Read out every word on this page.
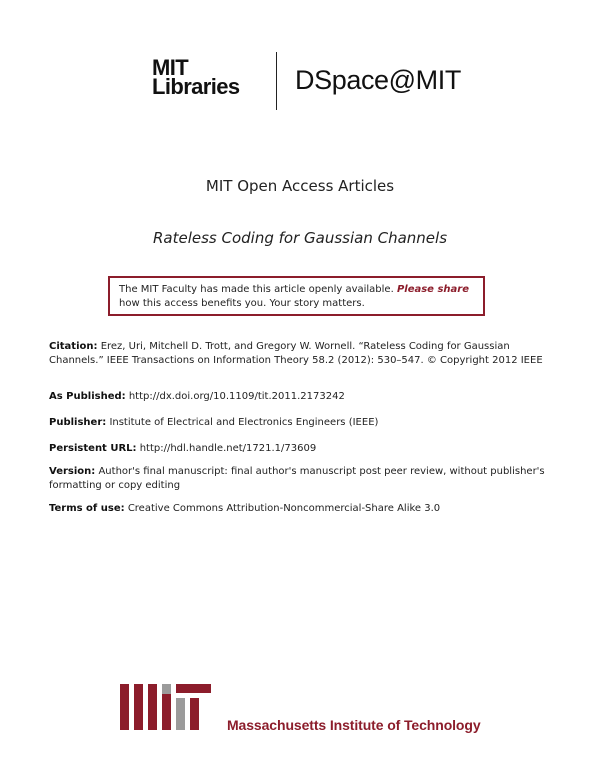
MIT
Libraries DSpace@MIT
MIT Open Access Articles
Rateless Coding for Gaussian Channels
The MIT Faculty has made this article openly available. Please share
how this access benefits you. Your story matters.
Citation: Erez, Uri, Mitchell D. Trott, and Gregory W. Wornell. “Rateless Coding for Gaussian Channels.” IEEE Transactions on Information Theory 58.2 (2012): 530–547. © Copyright 2012 IEEE
As Published: http://dx.doi.org/10.1109/tit.2011.2173242
Publisher: Institute of Electrical and Electronics Engineers (IEEE)
Persistent URL: http://hdl.handle.net/1721.1/73609
Version: Author's final manuscript: final author's manuscript post peer review, without publisher's formatting or copy editing
Terms of use: Creative Commons Attribution-Noncommercial-Share Alike 3.0
Massachusetts Institute of Technology
